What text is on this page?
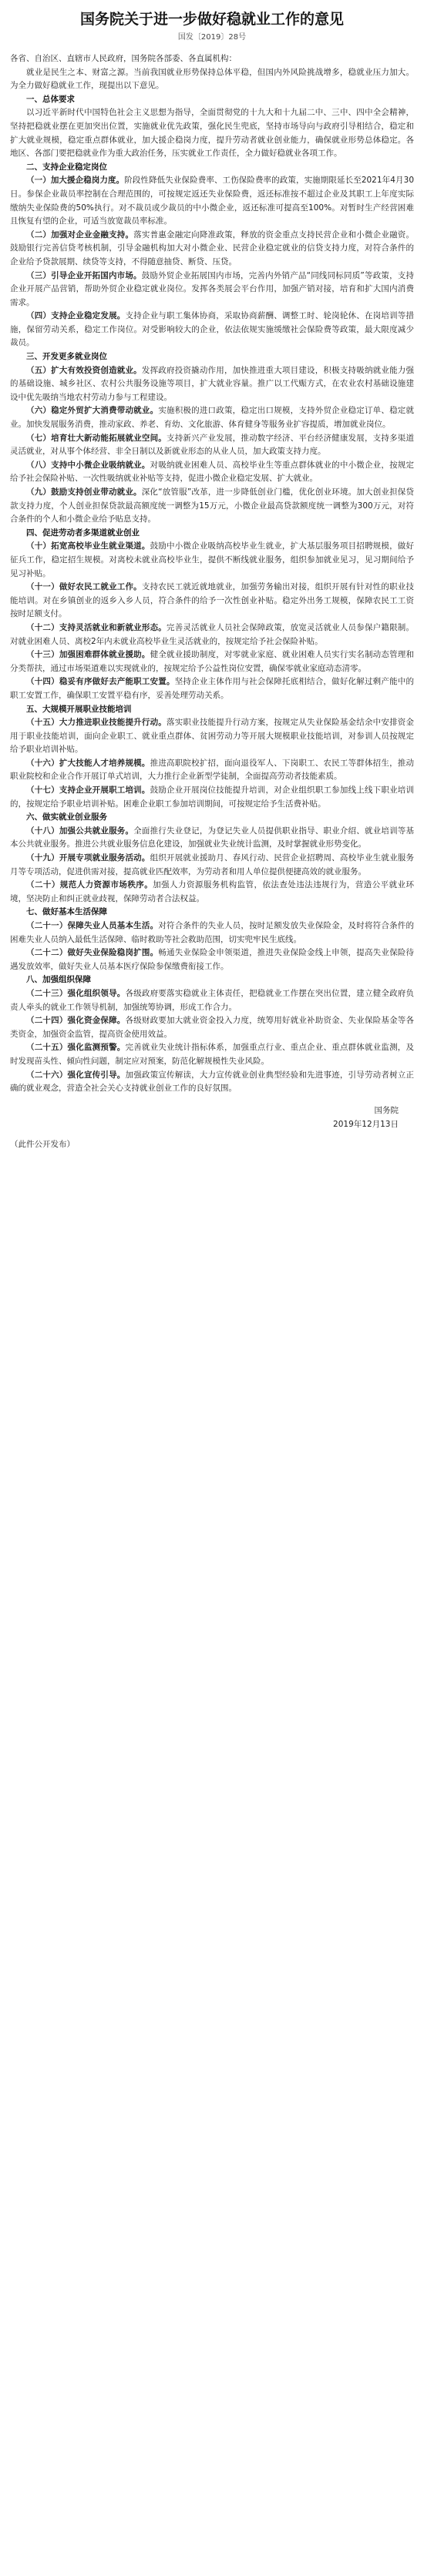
国务院关于进一步做好稳就业工作的意见
国发〔2019〕28号

各省、自治区、直辖市人民政府，国务院各部委、各直属机构：

就业是民生之本、财富之源。当前我国就业形势保持总体平稳，但国内外风险挑战增多，稳就业压力加大。为全力做好稳就业工作，现提出以下意见。

一、总体要求

以习近平新时代中国特色社会主义思想为指导，全面贯彻党的十九大和十九届二中、三中、四中全会精神，坚持把稳就业摆在更加突出位置，实施就业优先政策，强化民生兜底，坚持市场导向与政府引导相结合，稳定和扩大就业规模，稳定重点群体就业，加大援企稳岗力度，提升劳动者就业创业能力，确保就业形势总体稳定。各地区、各部门要把稳就业作为重大政治任务，压实就业工作责任，全力做好稳就业各项工作。

二、支持企业稳定岗位

（一）加大援企稳岗力度。阶段性降低失业保险费率、工伤保险费率的政策，实施期限延长至2021年4月30日。参保企业裁员率控制在合理范围的，可按规定返还失业保险费，返还标准按不超过企业及其职工上年度实际缴纳失业保险费的50%执行。对不裁员或少裁员的中小微企业，返还标准可提高至100%。对暂时生产经营困难且恢复有望的企业，可适当放宽裁员率标准。

（二）加强对企业金融支持。落实普惠金融定向降准政策，释放的资金重点支持民营企业和小微企业融资。鼓励银行完善信贷考核机制，引导金融机构加大对小微企业、民营企业稳定就业的信贷支持力度，对符合条件的企业给予贷款展期、续贷等支持，不得随意抽贷、断贷、压贷。

（三）引导企业开拓国内市场。鼓励外贸企业拓展国内市场，完善内外销产品“同线同标同质”等政策，支持企业开展产品营销，帮助外贸企业稳定就业岗位。发挥各类展会平台作用，加强产销对接，培育和扩大国内消费需求。

（四）支持企业稳定发展。支持企业与职工集体协商，采取协商薪酬、调整工时、轮岗轮休、在岗培训等措施，保留劳动关系，稳定工作岗位。对受影响较大的企业，依法依规实施缓缴社会保险费等政策，最大限度减少裁员。

三、开发更多就业岗位

（五）扩大有效投资创造就业。发挥政府投资撬动作用，加快推进重大项目建设，积极支持吸纳就业能力强的基础设施、城乡社区、农村公共服务设施等项目，扩大就业容量。推广以工代赈方式，在农业农村基础设施建设中优先吸纳当地农村劳动力参与工程建设。

（六）稳定外贸扩大消费带动就业。实施积极的进口政策，稳定出口规模，支持外贸企业稳定订单、稳定就业。加快发展服务消费，推动家政、养老、育幼、文化旅游、体育健身等服务业扩容提质，增加就业岗位。

（七）培育壮大新动能拓展就业空间。支持新兴产业发展，推动数字经济、平台经济健康发展，支持多渠道灵活就业，对从事个体经营、非全日制以及新就业形态的从业人员，加大政策支持力度。

（八）支持中小微企业吸纳就业。对吸纳就业困难人员、高校毕业生等重点群体就业的中小微企业，按规定给予社会保险补贴、一次性吸纳就业补贴等支持，促进小微企业稳定发展、扩大就业。

（九）鼓励支持创业带动就业。深化“放管服”改革，进一步降低创业门槛，优化创业环境。加大创业担保贷款支持力度，个人创业担保贷款最高额度统一调整为15万元，小微企业最高贷款额度统一调整为300万元，对符合条件的个人和小微企业给予贴息支持。

四、促进劳动者多渠道就业创业

（十）拓宽高校毕业生就业渠道。鼓励中小微企业吸纳高校毕业生就业，扩大基层服务项目招聘规模，做好征兵工作，稳定招生规模。对离校未就业高校毕业生，提供不断线就业服务，组织参加就业见习，见习期间给予见习补贴。

（十一）做好农民工就业工作。支持农民工就近就地就业，加强劳务输出对接，组织开展有针对性的职业技能培训。对在乡镇创业的返乡入乡人员，符合条件的给予一次性创业补贴。稳定外出务工规模，保障农民工工资按时足额支付。

（十二）支持灵活就业和新就业形态。完善灵活就业人员社会保障政策，放宽灵活就业人员参保户籍限制。对就业困难人员、离校2年内未就业高校毕业生灵活就业的，按规定给予社会保险补贴。

（十三）加强困难群体就业援助。健全就业援助制度，对零就业家庭、就业困难人员实行实名制动态管理和分类帮扶，通过市场渠道难以实现就业的，按规定给予公益性岗位安置，确保零就业家庭动态清零。

（十四）稳妥有序做好去产能职工安置。坚持企业主体作用与社会保障托底相结合，做好化解过剩产能中的职工安置工作，确保职工安置平稳有序，妥善处理劳动关系。

五、大规模开展职业技能培训

（十五）大力推进职业技能提升行动。落实职业技能提升行动方案，按规定从失业保险基金结余中安排资金用于职业技能培训，面向企业职工、就业重点群体、贫困劳动力等开展大规模职业技能培训，对参训人员按规定给予职业培训补贴。

（十六）扩大技能人才培养规模。推进高职院校扩招，面向退役军人、下岗职工、农民工等群体招生，推动职业院校和企业合作开展订单式培训，大力推行企业新型学徒制，全面提高劳动者技能素质。

（十七）支持企业开展职工培训。鼓励企业开展岗位技能提升培训，对企业组织职工参加线上线下职业培训的，按规定给予职业培训补贴。困难企业职工参加培训期间，可按规定给予生活费补贴。

六、做实就业创业服务

（十八）加强公共就业服务。全面推行失业登记，为登记失业人员提供职业指导、职业介绍、就业培训等基本公共就业服务。推进公共就业服务信息化建设，加强就业失业统计监测，及时掌握就业形势变化。

（十九）开展专项就业服务活动。组织开展就业援助月、春风行动、民营企业招聘周、高校毕业生就业服务月等专项活动，促进供需对接，提高就业匹配效率，为劳动者和用人单位提供便捷高效的就业服务。

（二十）规范人力资源市场秩序。加强人力资源服务机构监管，依法查处违法违规行为，营造公平就业环境，坚决防止和纠正就业歧视，保障劳动者合法权益。

七、做好基本生活保障

（二十一）保障失业人员基本生活。对符合条件的失业人员，按时足额发放失业保险金，及时将符合条件的困难失业人员纳入最低生活保障、临时救助等社会救助范围，切实兜牢民生底线。

（二十二）做好失业保险稳岗扩围。畅通失业保险金申领渠道，推进失业保险金线上申领，提高失业保险待遇发放效率，做好失业人员基本医疗保险参保缴费衔接工作。

八、加强组织保障

（二十三）强化组织领导。各级政府要落实稳就业主体责任，把稳就业工作摆在突出位置，建立健全政府负责人牵头的就业工作领导机制，加强统筹协调，形成工作合力。

（二十四）强化资金保障。各级财政要加大就业资金投入力度，统筹用好就业补助资金、失业保险基金等各类资金，加强资金监管，提高资金使用效益。

（二十五）强化监测预警。完善就业失业统计指标体系，加强重点行业、重点企业、重点群体就业监测，及时发现苗头性、倾向性问题，制定应对预案，防范化解规模性失业风险。

（二十六）强化宣传引导。加强政策宣传解读，大力宣传就业创业典型经验和先进事迹，引导劳动者树立正确的就业观念，营造全社会关心支持就业创业工作的良好氛围。

国务院
2019年12月13日
（此件公开发布）
